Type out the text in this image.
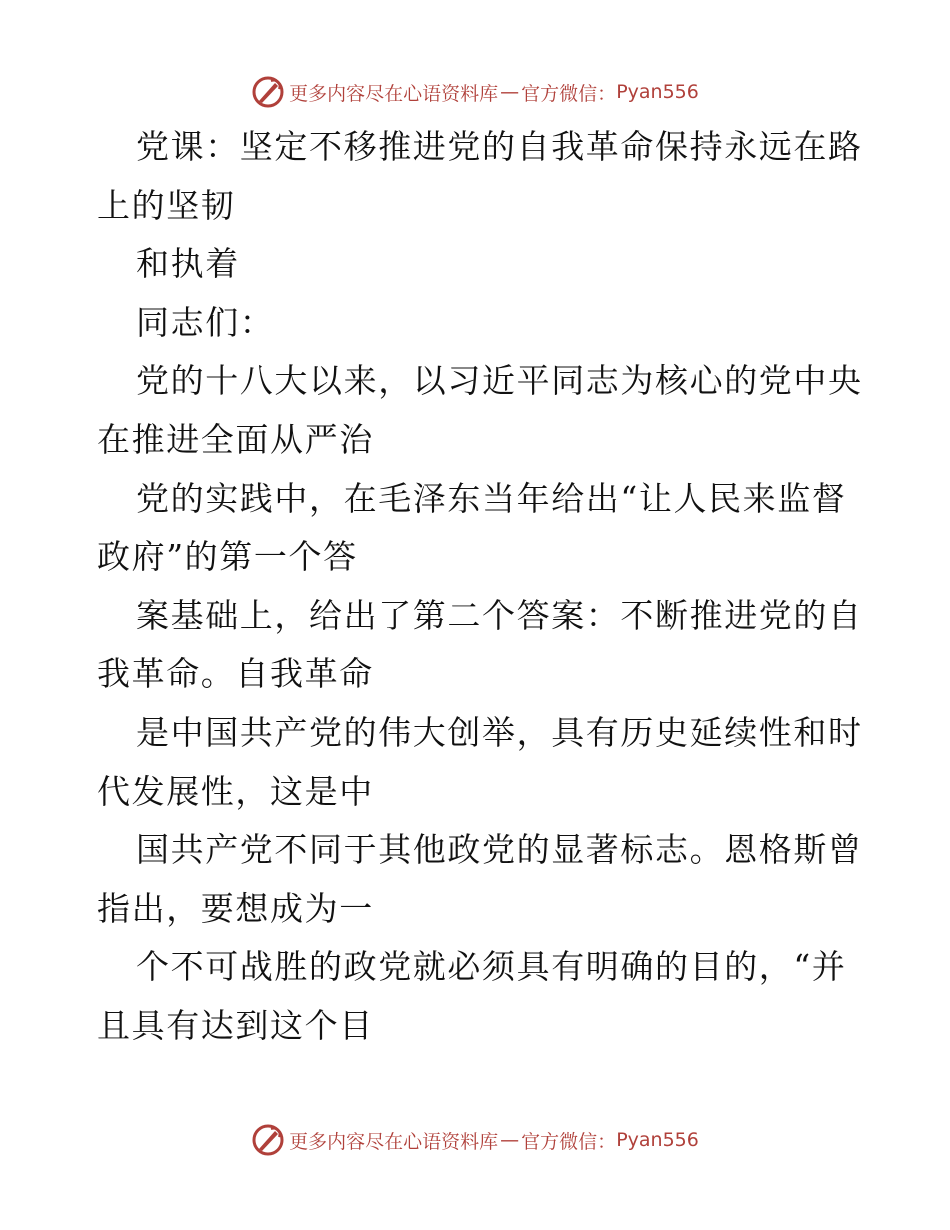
更多内容尽在心语资料库 — 官方微信： Pyan556
党课：坚定不移推进党的自我革命保持永远在路
上的坚韧
和执着
同志们：
党的十八大以来，以习近平同志为核心的党中央
在推进全面从严治
党的实践中，在毛泽东当年给出“让人民来监督
政府”的第一个答
案基础上，给出了第二个答案：不断推进党的自
我革命。自我革命
是中国共产党的伟大创举，具有历史延续性和时
代发展性，这是中
国共产党不同于其他政党的显著标志。恩格斯曾
指出，要想成为一
个不可战胜的政党就必须具有明确的目的，“并
且具有达到这个目
更多内容尽在心语资料库 — 官方微信： Pyan556
